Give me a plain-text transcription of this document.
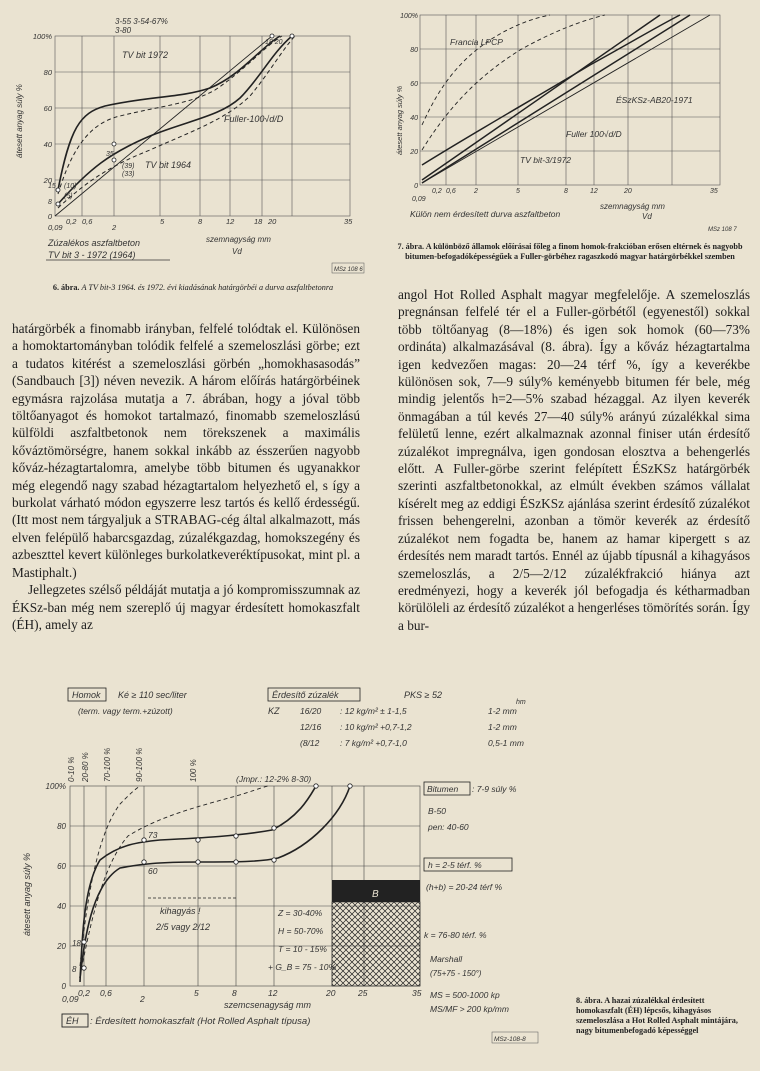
3-55 3-54-67%
3-80
TV bit 1972
TV bit 1964
Fuller-100√d/D
18 20
35
(39)
(33)
(10)
(5)
15
8
100%
80
60
40
20
0
0,09
0,2 0,6
2
5	8	12	18 20	35
átesett anyag súly %
szemnagyság mm
Vd
Zúzalékos aszfaltbeton
TV bit 3 - 1972 (1964)
MSz 108 6
6. ábra. A TV bit-3 1964. és 1972. évi kiadásának határgörbéi a durva aszfaltbetonra
Francia LPCP
ÉSzKSz-AB20-1971
Fuller 100√d/D
TV bit-3/1972
100%
80
60
40
20
0
0,09
0,2 0,6	2	5	8	12	20	35
átesett anyag súly %
szemnagyság mm
Vd
Külön nem érdesített durva aszfaltbeton
MSz 108 7
7. ábra. A különböző államok előírásai főleg a finom homok-frakcióban erősen eltérnek és nagyobb bitumen-befogadóképességűek a Fuller-görbéhez ragaszkodó magyar határgörbékkel szemben

határgörbék a finomabb irányban, felfelé tolódtak el. Különösen a homoktartományban tolódik felfelé a szemeloszlási görbe; ezt a tudatos kitérést a szemeloszlási görbén „homokhasasodás” (Sandbauch [3]) néven nevezik. A három előírás határgörbéinek egymásra rajzolása mutatja a 7. ábrában, hogy a jóval több töltőanyagot és homokot tartalmazó, finomabb szemeloszlású külföldi aszfaltbetonok nem törekszenek a maximális kőváztömörségre, hanem sokkal inkább az ésszerűen nagyobb kőváz-hézagtartalomra, amelybe több bitumen és ugyanakkor még elegendő nagy szabad hézagtartalom helyezhető el, s így a burkolat várható módon egyszerre lesz tartós és kellő érdességű. (Itt most nem tárgyaljuk a STRABAG-cég által alkalmazott, más elven felépülő habarcsgazdag, zúzalékgazdag, homokszegény és azbeszttel kevert különleges burkolatkeveréktípusokat, mint pl. a Mastiphalt.)

Jellegzetes szélső példáját mutatja a jó kompromisszumnak az ÉKSz-ban még nem szereplő új magyar érdesített homokaszfalt (ÉH), amely az

angol Hot Rolled Asphalt magyar megfelelője. A szemeloszlás pregnánsan felfelé tér el a Fuller-görbétől (egyenestől) sokkal több töltőanyag (8—18%) és igen sok homok (60—73% ordináta) alkalmazásával (8. ábra). Így a kőváz hézagtartalma igen kedvezően magas: 20—24 térf %, így a keverékbe különösen sok, 7—9 súly% keményebb bitumen fér bele, még mindig jelentős h=2—5% szabad hézaggal. Az ilyen keverék önmagában a túl kevés 27—40 súly% arányú zúzalékkal sima felületű lenne, ezért alkalmaznak azonnal finiser után érdesítő zúzalékot impregnálva, igen gondosan elosztva a behengerlés előtt. A Fuller-görbe szerint felépített ÉSzKSz határgörbék szerinti aszfaltbetonokkal, az elmúlt években számos vállalat kísérelt meg az eddigi ÉSzKSz ajánlása szerint érdesítő zúzalékot frissen behengerelni, azonban a tömör keverék az érdesítő zúzalékot nem fogadta be, hanem az hamar kipergett s az érdesítés nem maradt tartós. Ennél az újabb típusnál a kihagyásos szemeloszlás, a 2/5—2/12 zúzalékfrakció hiánya azt eredményezi, hogy a keverék jól befogadja és kétharmadban körülöleli az érdesítő zúzalékot a hengerléses tömörítés során. Így a bur-

Homok Ké ≥ 110 sec/liter
(term. vagy term.+zúzott)
Érdesítő zúzalék	PKS ≥ 52
hm
KZ 16/20 : 12 kg/m² ± 1-1,5	1-2 mm
12/16 : 10 kg/m² +0,7-1,2	1-2 mm
(8/12 : 7 kg/m² +0,7-1,0	0,5-1 mm
0-10 % 20-80 % 70-100 %	90-100 %	100 %
B
73
60
18
8
(Jmpr.: 12-2% 8-30)
Bitumen : 7-9 súly %
B-50
pen: 40-60
h = 2-5 térf. %
(h+b) = 20-24 térf %
k = 76-80 térf. %
Marshall
(75+75 - 150°)
MS = 500-1000 kp
MS/MF > 200 kp/mm
kihagyás !
2/5 vagy 2/12
Z = 30-40%
H = 50-70%
T = 10 - 15%
+ G_B = 75 - 10%
100%
80
60
40
20
0
0,09
0,2 0,6
2
5	8	12	20	25	35
átesett anyag súly %
szemcsenagyság mm
ÉH : Érdesített homokaszfalt (Hot Rolled Asphalt típusa)
MSz-108-8
8. ábra. A hazai zúzalékkal érdesített homokaszfalt (ÉH) lépcsős, kihagyásos szemeloszlása a Hot Rolled Asphalt mintájára, nagy bitumenbefogadó képességgel
